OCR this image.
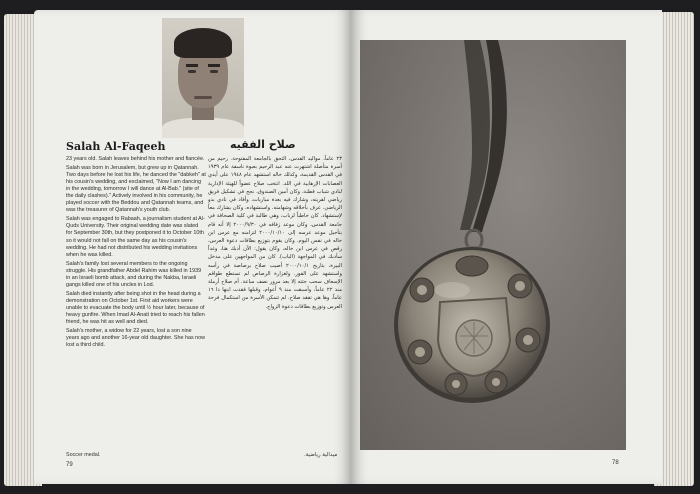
Salah Al-Faqeeh	صلاح الفقيه

23 years old. Salah leaves behind his mother and fiancée.

Salah was born in Jerusalem, but grew up in Qatannah. Two days before he lost his life, he danced the "dabkeh" at his cousin's wedding, and exclaimed, "Now I am dancing in the wedding, tomorrow I will dance at Al-Bab." (site of the daily clashes)." Actively involved in his community, he played soccer with the Beddou and Qatannah teams, and was the treasurer of Qatannah's youth club.

Salah was engaged to Rabaah, a journalism student at Al-Quds University. Their original wedding date was slated for September 30th, but they postponed it to October 10th so it would not fall on the same day as his cousin's wedding. He had not distributed his wedding invitations when he was killed.

Salah's family lost several members to the ongoing struggle. His grandfather Abdel Rahim was killed in 1939 in an Israeli bomb attack, and during the Nakba, Israeli gangs killed one of his uncles in Lod.

Salah died instantly after being shot in the head during a demonstration on October 1st. First aid workers were unable to evacuate the body until ½ hour later, because of heavy gunfire. When Imad Al-Anati tried to reach his fallen friend, he was hit as well and died.

Salah's mother, a widow for 22 years, lost a son nine years ago and another 16-year old daughter. She has now lost a third child.

٢٣ عاماً، مواليد القدس، التحق بالجامعة المفتوحة. رحيم من أسرة متأصلة اشتهرت عنه عبد الرحيم بعبوة ناسفة عام ١٩٣٩ في القدس القديمة، وكذلك خاله استشهد عام ١٩٤٨ على أيدي العصابات الإرهابية في اللد. انتخب صلاح عضواً للهيئة الإدارية لنادي شباب قطنة، وكان أمين الصندوق، نجح في تشكيل فريق رياضي لقريته، وشارك فيه بعدة مباريات، وأفاد في نادي بدو الرياضي. عرف بأخلاقه وشهامته. واستشهاده، وكان يشارك معاً لإستشهاد. كان خاطباً لرباب، وهي طالبة في كلية الصحافة في جامعة القدس، وكان موعد زفافه في ٢٠٠٠/٩/٣٠ إلا أنه قام بتأجيل موعد عرسه إلى ٢٠٠٠/١٠/١٠ لتزامنه مع عرس ابن خاله في نفس اليوم. وكان يقوم بتوزيع بطاقات دعوة العرس، رقص في عرس ابن خاله، وكان يقول: الآن أدبك هنا، وغداً سأدبك في المواجهة (الباب). كان من المواجهين على مدخل البيرة، بتاريخ ٢٠٠٠/١٠/١ أصيب صلاح برصاصة في رأسه واستشهد على الفور. ولغزارة الرصاص لم تستطع طواقم الإسعاف سحب جثته إلا بعد مرور نصف ساعة. أم صلاح أرملة منذ ٢٢ عاماً، وأسبقت منذ ٩ أعوام، وقبلها فقدت ابنها ذا ١٦ عاماً، وها هي تفقد صلاح. لم تتمكن الأسرة من استكمال فرحة العرس وتوزيع بطاقات دعوة الزواج.

Soccer medal.	ميدالية رياضية.
79	78
